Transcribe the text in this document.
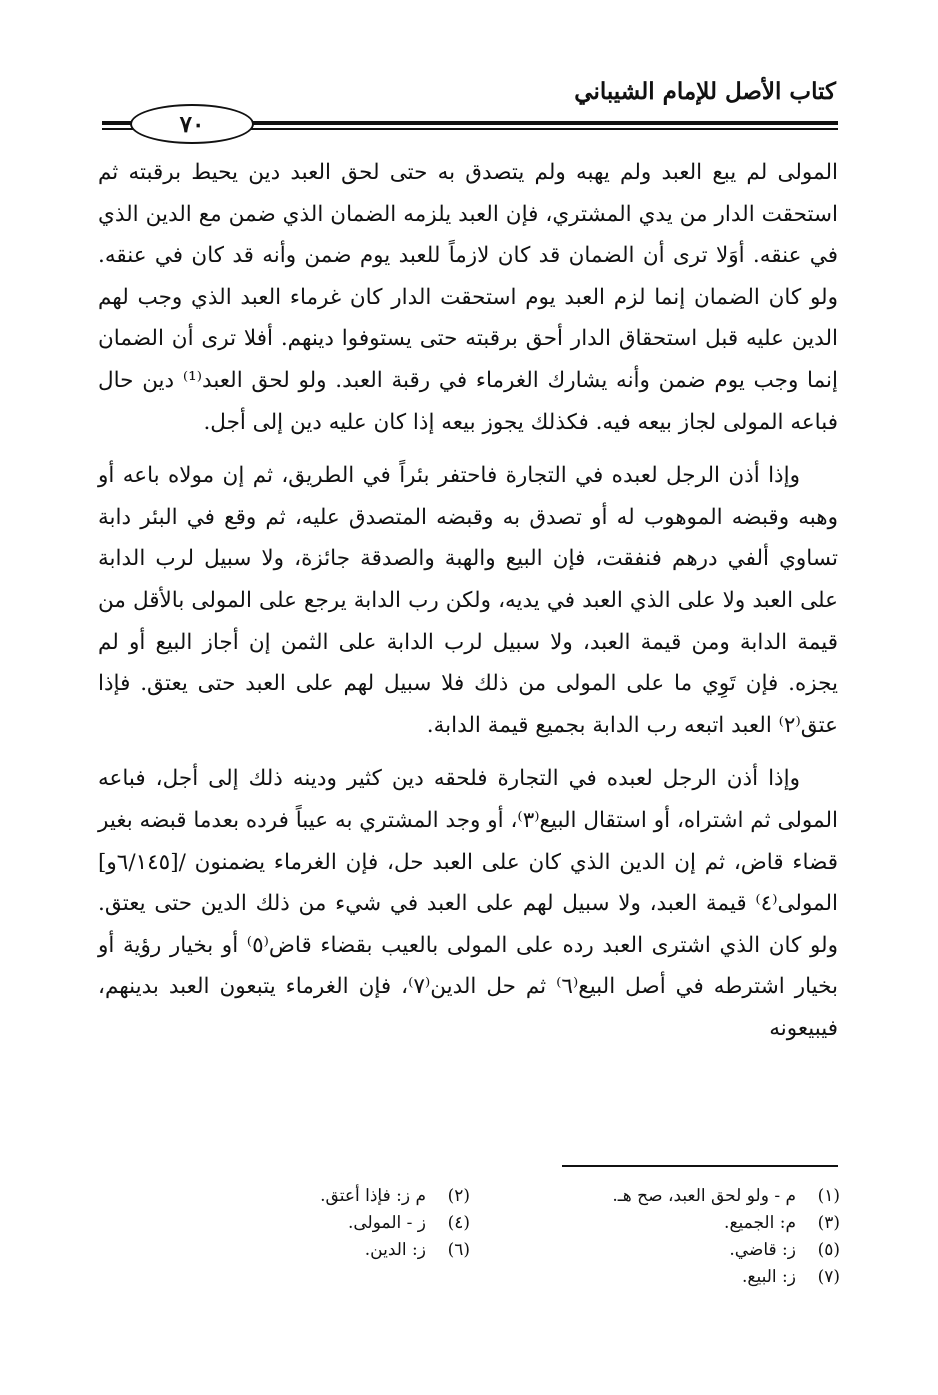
كتاب الأصل للإمام الشيباني
٧٠

المولى لم يبع العبد ولم يهبه ولم يتصدق به حتى لحق العبد دين يحيط برقبته ثم استحقت الدار من يدي المشتري، فإن العبد يلزمه الضمان الذي ضمن مع الدين الذي في عنقه. أوَلا ترى أن الضمان قد كان لازماً للعبد يوم ضمن وأنه قد كان في عنقه. ولو كان الضمان إنما لزم العبد يوم استحقت الدار كان غرماء العبد الذي وجب لهم الدين عليه قبل استحقاق الدار أحق برقبته حتى يستوفوا دينهم. أفلا ترى أن الضمان إنما وجب يوم ضمن وأنه يشارك الغرماء في رقبة العبد. ولو لحق العبد⁽¹⁾ دين حال فباعه المولى لجاز بيعه فيه. فكذلك يجوز بيعه إذا كان عليه دين إلى أجل.

وإذا أذن الرجل لعبده في التجارة فاحتفر بئراً في الطريق، ثم إن مولاه باعه أو وهبه وقبضه الموهوب له أو تصدق به وقبضه المتصدق عليه، ثم وقع في البئر دابة تساوي ألفي درهم فنفقت، فإن البيع والهبة والصدقة جائزة، ولا سبيل لرب الدابة على العبد ولا على الذي العبد في يديه، ولكن رب الدابة يرجع على المولى بالأقل من قيمة الدابة ومن قيمة العبد، ولا سبيل لرب الدابة على الثمن إن أجاز البيع أو لم يجزه. فإن تَوِي ما على المولى من ذلك فلا سبيل لهم على العبد حتى يعتق. فإذا عتق⁽٢⁾ العبد اتبعه رب الدابة بجميع قيمة الدابة.

وإذا أذن الرجل لعبده في التجارة فلحقه دين كثير ودينه ذلك إلى أجل، فباعه المولى ثم اشتراه، أو استقال البيع⁽٣⁾، أو وجد المشتري به عيباً فرده بعدما قبضه بغير قضاء قاض، ثم إن الدين الذي كان على العبد حل، فإن الغرماء يضمنون /[٦/١٤٥و] المولى⁽٤⁾ قيمة العبد، ولا سبيل لهم على العبد في شيء من ذلك الدين حتى يعتق. ولو كان الذي اشترى العبد رده على المولى بالعيب بقضاء قاض⁽٥⁾ أو بخيار رؤية أو بخيار اشترطه في أصل البيع⁽٦⁾ ثم حل الدين⁽٧⁾، فإن الغرماء يتبعون العبد بدينهم، فيبيعونه

(١)م - ولو لحق العبد، صح هـ.
(٢)م ز: فإذا أعتق.
(٣)م: الجميع.
(٤)ز - المولى.
(٥)ز: قاضي.
(٦)ز: الدين.
(٧)ز: البيع.
